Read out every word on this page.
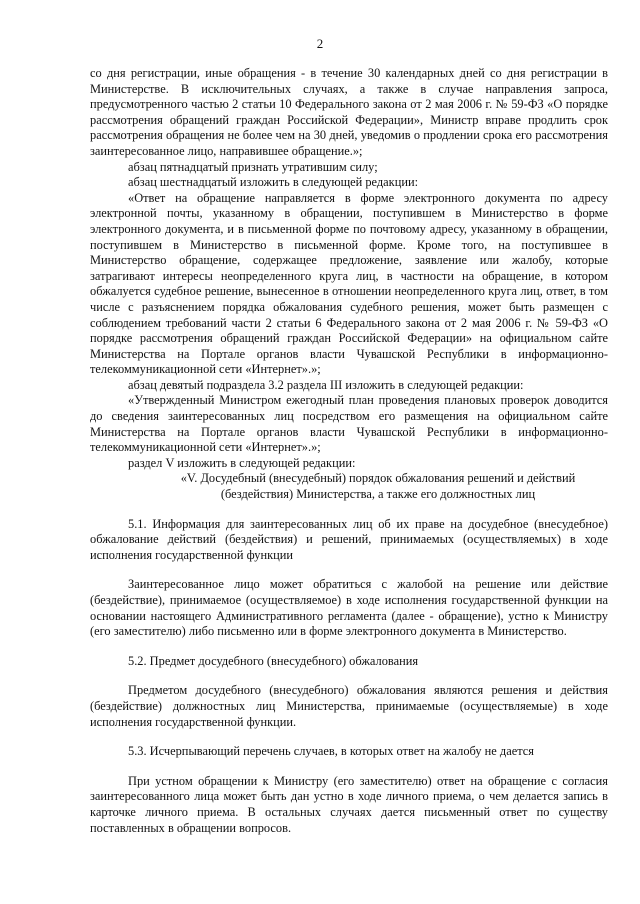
2

со дня регистрации, иные обращения - в течение 30 календарных дней со дня регистрации в Министерстве. В исключительных случаях, а также в случае направления запроса, предусмотренного частью 2 статьи 10 Федерального закона от 2 мая 2006 г. № 59-ФЗ «О порядке рассмотрения обращений граждан Российской Федерации», Министр вправе продлить срок рассмотрения обращения не более чем на 30 дней, уведомив о продлении срока его рассмотрения заинтересованное лицо, направившее обращение.»;

абзац пятнадцатый признать утратившим силу;

абзац шестнадцатый изложить в следующей редакции:

«Ответ на обращение направляется в форме электронного документа по адресу электронной почты, указанному в обращении, поступившем в Министерство в форме электронного документа, и в письменной форме по почтовому адресу, указанному в обращении, поступившем в Министерство в письменной форме. Кроме того, на поступившее в Министерство обращение, содержащее предложение, заявление или жалобу, которые затрагивают интересы неопределенного круга лиц, в частности на обращение, в котором обжалуется судебное решение, вынесенное в отношении неопределенного круга лиц, ответ, в том числе с разъяснением порядка обжалования судебного решения, может быть размещен с соблюдением требований части 2 статьи 6 Федерального закона от 2 мая 2006 г. № 59-ФЗ «О порядке рассмотрения обращений граждан Российской Федерации» на официальном сайте Министерства на Портале органов власти Чувашской Республики в информационно-телекоммуникационной сети «Интернет».»;

абзац девятый подраздела 3.2 раздела III изложить в следующей редакции:

«Утвержденный Министром ежегодный план проведения плановых проверок доводится до сведения заинтересованных лиц посредством его размещения на официальном сайте Министерства на Портале органов власти Чувашской Республики в информационно-телекоммуникационной сети «Интернет».»;

раздел V изложить в следующей редакции:

«V. Досудебный (внесудебный) порядок обжалования решений и действий

(бездействия) Министерства, а также его должностных лиц

5.1. Информация для заинтересованных лиц об их праве на досудебное (внесудебное) обжалование действий (бездействия) и решений, принимаемых (осуществляемых) в ходе исполнения государственной функции

Заинтересованное лицо может обратиться с жалобой на решение или действие (бездействие), принимаемое (осуществляемое) в ходе исполнения государственной функции на основании настоящего Административного регламента (далее - обращение), устно к Министру (его заместителю) либо письменно или в форме электронного документа в Министерство.

5.2. Предмет досудебного (внесудебного) обжалования

Предметом досудебного (внесудебного) обжалования являются решения и действия (бездействие) должностных лиц Министерства, принимаемые (осуществляемые) в ходе исполнения государственной функции.

5.3. Исчерпывающий перечень случаев, в которых ответ на жалобу не дается

При устном обращении к Министру (его заместителю) ответ на обращение с согласия заинтересованного лица может быть дан устно в ходе личного приема, о чем делается запись в карточке личного приема. В остальных случаях дается письменный ответ по существу поставленных в обращении вопросов.
